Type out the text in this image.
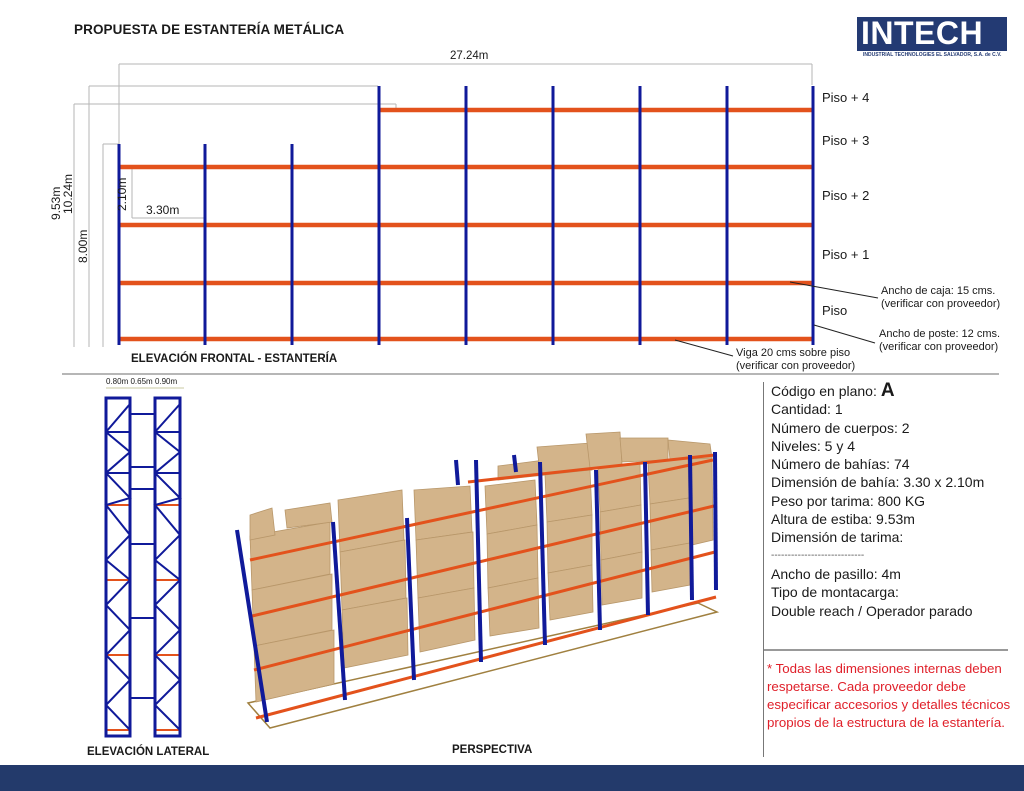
PROPUESTA DE ESTANTERÍA METÁLICA	INTECH
INDUSTRIAL TECHNOLOGIES EL SALVADOR, S.A. de C.V.
27.24m
9.53m
10.24m
8.00m
2.10m 3.30m
Piso + 4
Piso + 3
Piso + 2
Piso + 1
Piso
Ancho de caja: 15 cms.
(verificar con proveedor)
Ancho de poste: 12 cms.
(verificar con proveedor)
Viga 20 cms sobre piso
(verificar con proveedor)
ELEVACIÓN FRONTAL - ESTANTERÍA
0.80m 0.65m 0.90m
ELEVACIÓN LATERAL	PERSPECTIVA
Código en plano: A
Cantidad: 1
Número de cuerpos: 2
Niveles: 5 y 4
Número de bahías: 74
Dimensión de bahía: 3.30 x 2.10m
Peso por tarima: 800 KG
Altura de estiba: 9.53m
Dimensión de tarima:
----------------------------
Ancho de pasillo: 4m
Tipo de montacarga:
Double reach / Operador parado
* Todas las dimensiones internas deben respetarse. Cada proveedor debe especificar accesorios y detalles técnicos propios de la estructura de la estantería.
